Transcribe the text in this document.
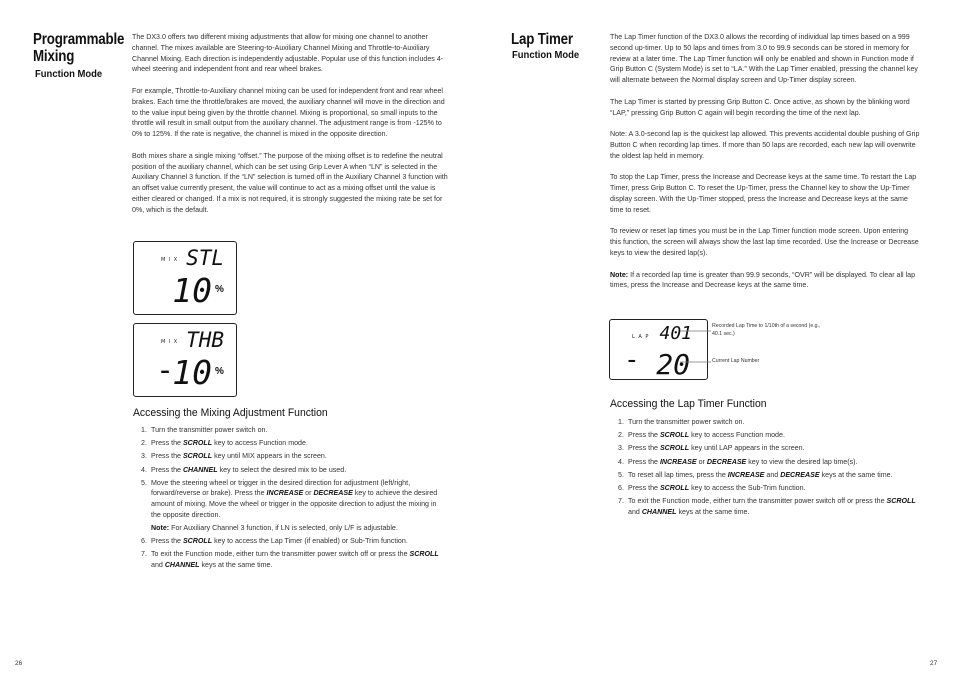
Programmable Mixing
Function Mode

The DX3.0 offers two different mixing adjustments that allow for mixing one channel to another channel. The mixes available are Steering-to-Auxiliary Channel Mixing and Throttle-to-Auxiliary Channel Mixing. Each direction is independently adjustable. Popular use of this function includes 4-wheel steering and independent front and rear wheel brakes.

For example, Throttle-to-Auxiliary channel mixing can be used for independent front and rear wheel brakes. Each time the throttle/brakes are moved, the auxiliary channel will move in the direction and to the value input being given by the throttle channel. Mixing is proportional, so small inputs to the throttle will result in small output from the auxiliary channel. The adjustment range is from -125% to 0% to 125%. If the rate is negative, the channel is mixed in the opposite direction.

Both mixes share a single mixing “offset.” The purpose of the mixing offset is to redefine the neutral position of the auxiliary channel, which can be set using Grip Lever A when “LN” is selected in the Auxiliary Channel 3 function. If the “LN” selection is turned off in the Auxiliary Channel 3 function with an offset value currently present, the value will continue to act as a mixing offset until the value is either cleared or changed. If a mix is not required, it is strongly suggested the mixing rate be set for 0%, which is the default.

MIX STL
10 %
MIX THB
-
10 %
Accessing the Mixing Adjustment Function
1. Turn the transmitter power switch on.
2. Press the SCROLL key to access Function mode.
3. Press the SCROLL key until MIX appears in the screen.
4. Press the CHANNEL key to select the desired mix to be used.
5. Move the steering wheel or trigger in the desired direction for adjustment (left/right, forward/reverse or brake). Press the INCREASE or DECREASE key to achieve the desired amount of mixing. Move the wheel or trigger in the opposite direction to adjust the mixing in the opposite direction.
Note: For Auxiliary Channel 3 function, if LN is selected, only L/F is adjustable.
6. Press the SCROLL key to access the Lap Timer (if enabled) or Sub-Trim function.
7. To exit the Function mode, either turn the transmitter power switch off or press the SCROLL and CHANNEL keys at the same time.
26
Lap Timer
Function Mode

The Lap Timer function of the DX3.0 allows the recording of individual lap times based on a 999 second up-timer. Up to 50 laps and times from 3.0 to 99.9 seconds can be stored in memory for review at a later time. The Lap Timer function will only be enabled and shown in Function mode if Grip Button C (System Mode) is set to “LA.” With the Lap Timer enabled, pressing the channel key will alternate between the Normal display screen and Up-Timer display screen.

The Lap Timer is started by pressing Grip Button C. Once active, as shown by the blinking word “LAP,” pressing Grip Button C again will begin recording the time of the next lap.

Note: A 3.0-second lap is the quickest lap allowed. This prevents accidental double pushing of Grip Button C when recording lap times. If more than 50 laps are recorded, each new lap will overwrite the oldest lap held in memory.

To stop the Lap Timer, press the Increase and Decrease keys at the same time. To restart the Lap Timer, press Grip Button C. To reset the Up-Timer, press the Channel key to show the Up-Timer display screen. With the Up-Timer stopped, press the Increase and Decrease keys at the same time to reset.

To review or reset lap times you must be in the Lap Timer function mode screen. Upon entering this function, the screen will always show the last lap time recorded. Use the Increase or Decrease keys to view the desired lap(s).

Note: If a recorded lap time is greater than 99.9 seconds, “OVR” will be displayed. To clear all lap times, press the Increase and Decrease keys at the same time.

LAP 401
- 20
Recorded Lap Time to 1/10th of a second (e.g., 40.1 sec.)
Current Lap Number
Accessing the Lap Timer Function
1. Turn the transmitter power switch on.
2. Press the SCROLL key to access Function mode.
3. Press the SCROLL key until LAP appears in the screen.
4. Press the INCREASE or DECREASE key to view the desired lap time(s).
5. To reset all lap times, press the INCREASE and DECREASE keys at the same time.
6. Press the SCROLL key to access the Sub-Trim function.
7. To exit the Function mode, either turn the transmitter power switch off or press the SCROLL and CHANNEL keys at the same time.
27
